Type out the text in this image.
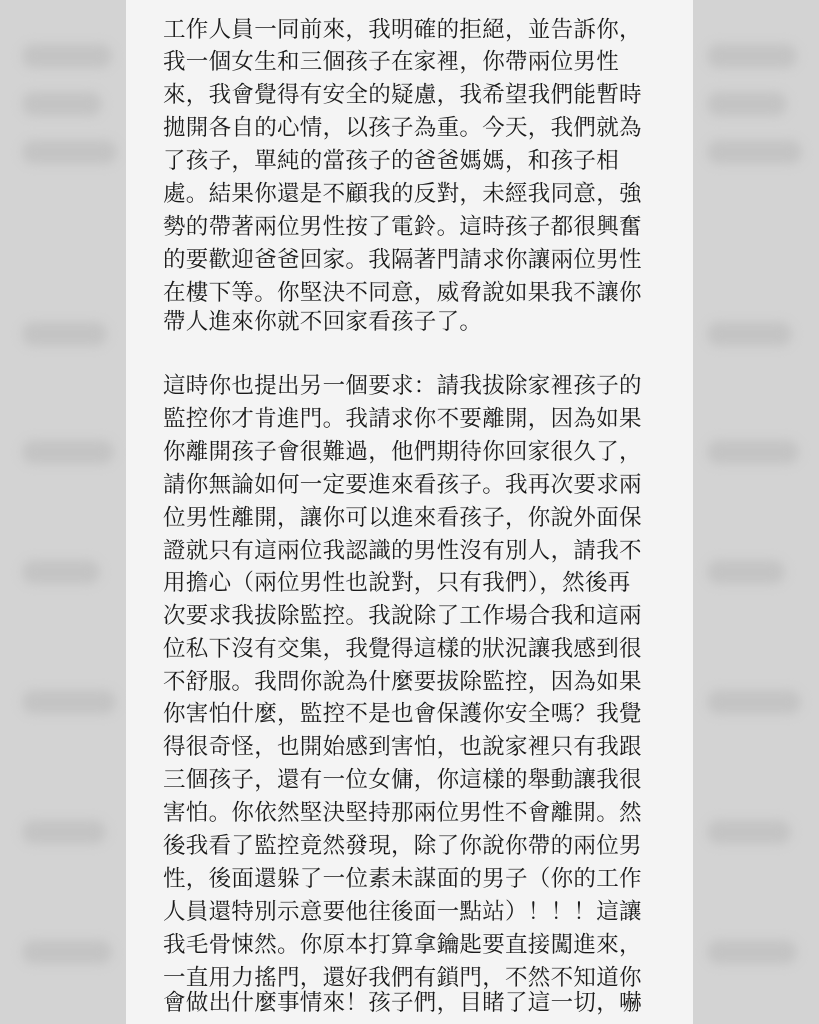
工作人員一同前來，我明確的拒絕，並告訴你，
我一個女生和三個孩子在家裡，你帶兩位男性
來，我會覺得有安全的疑慮，我希望我們能暫時
拋開各自的心情，以孩子為重。今天，我們就為
了孩子，單純的當孩子的爸爸媽媽，和孩子相
處。結果你還是不顧我的反對，未經我同意，強
勢的帶著兩位男性按了電鈴。這時孩子都很興奮
的要歡迎爸爸回家。我隔著門請求你讓兩位男性
在樓下等。你堅決不同意，威脅說如果我不讓你
帶人進來你就不回家看孩子了。
這時你也提出另一個要求：請我拔除家裡孩子的
監控你才肯進門。我請求你不要離開，因為如果
你離開孩子會很難過，他們期待你回家很久了，
請你無論如何一定要進來看孩子。我再次要求兩
位男性離開，讓你可以進來看孩子，你說外面保
證就只有這兩位我認識的男性沒有別人，請我不
用擔心（兩位男性也說對，只有我們），然後再
次要求我拔除監控。我說除了工作場合我和這兩
位私下沒有交集，我覺得這樣的狀況讓我感到很
不舒服。我問你說為什麼要拔除監控，因為如果
你害怕什麼，監控不是也會保護你安全嗎？我覺
得很奇怪，也開始感到害怕，也說家裡只有我跟
三個孩子，還有一位女傭，你這樣的舉動讓我很
害怕。你依然堅決堅持那兩位男性不會離開。然
後我看了監控竟然發現，除了你說你帶的兩位男
性，後面還躲了一位素未謀面的男子（你的工作
人員還特別示意要他往後面一點站）！！！這讓
我毛骨悚然。你原本打算拿鑰匙要直接闖進來，
一直用力搖門，還好我們有鎖門，不然不知道你
會做出什麼事情來！孩子們，目睹了這一切，嚇
